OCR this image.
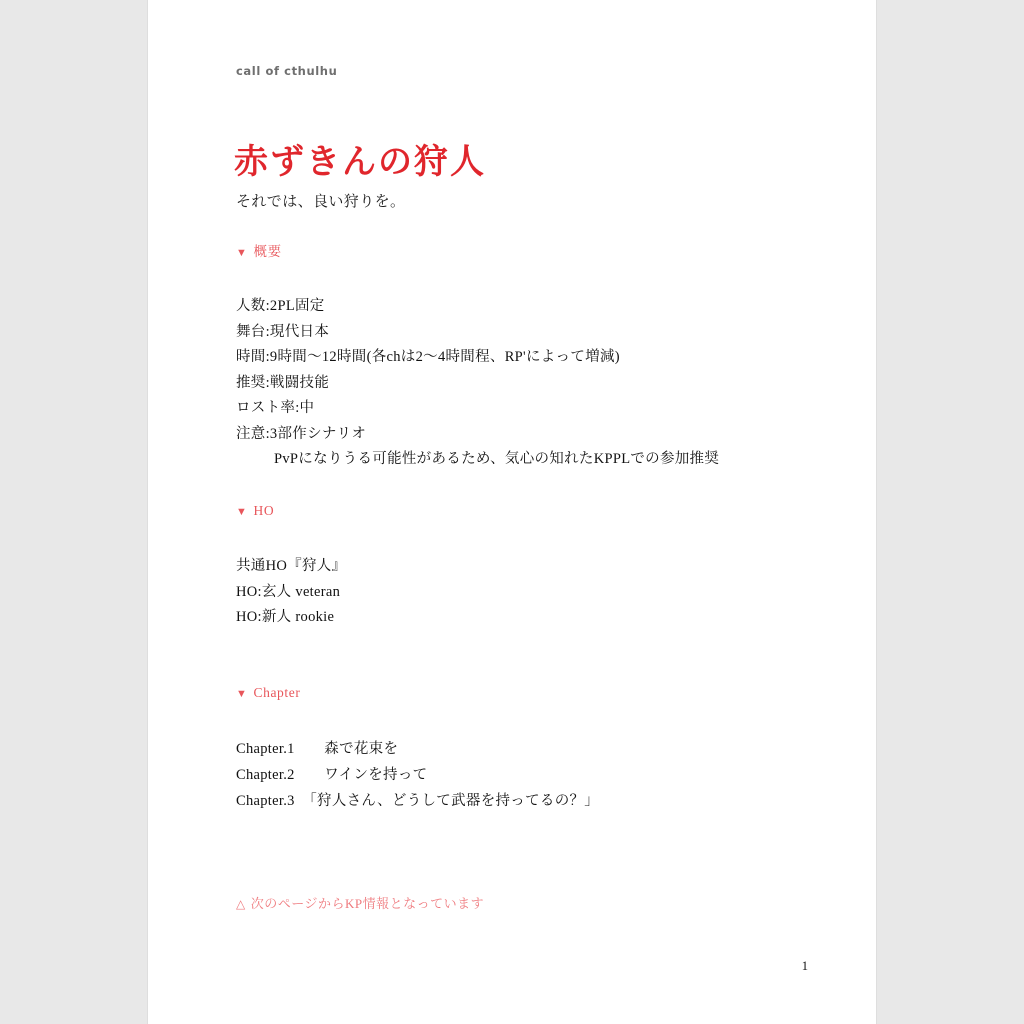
call of cthulhu
赤ずきんの狩人
それでは、良い狩りを。
▼ 概要
人数:2PL固定
舞台:現代日本
時間:9時間〜12時間(各chは2〜4時間程、RP'によって増減)
推奨:戦闘技能
ロスト率:中
注意:3部作シナリオ
PvPになりうる可能性があるため、気心の知れたKPPLでの参加推奨
▼ HO
共通HO『狩人』
HO:玄人 veteran
HO:新人 rookie
▼ Chapter
Chapter.1　　森で花束を
Chapter.2　　ワインを持って
Chapter.3　「狩人さん、どうして武器を持ってるの？」
△ 次のページからKP情報となっています
1
